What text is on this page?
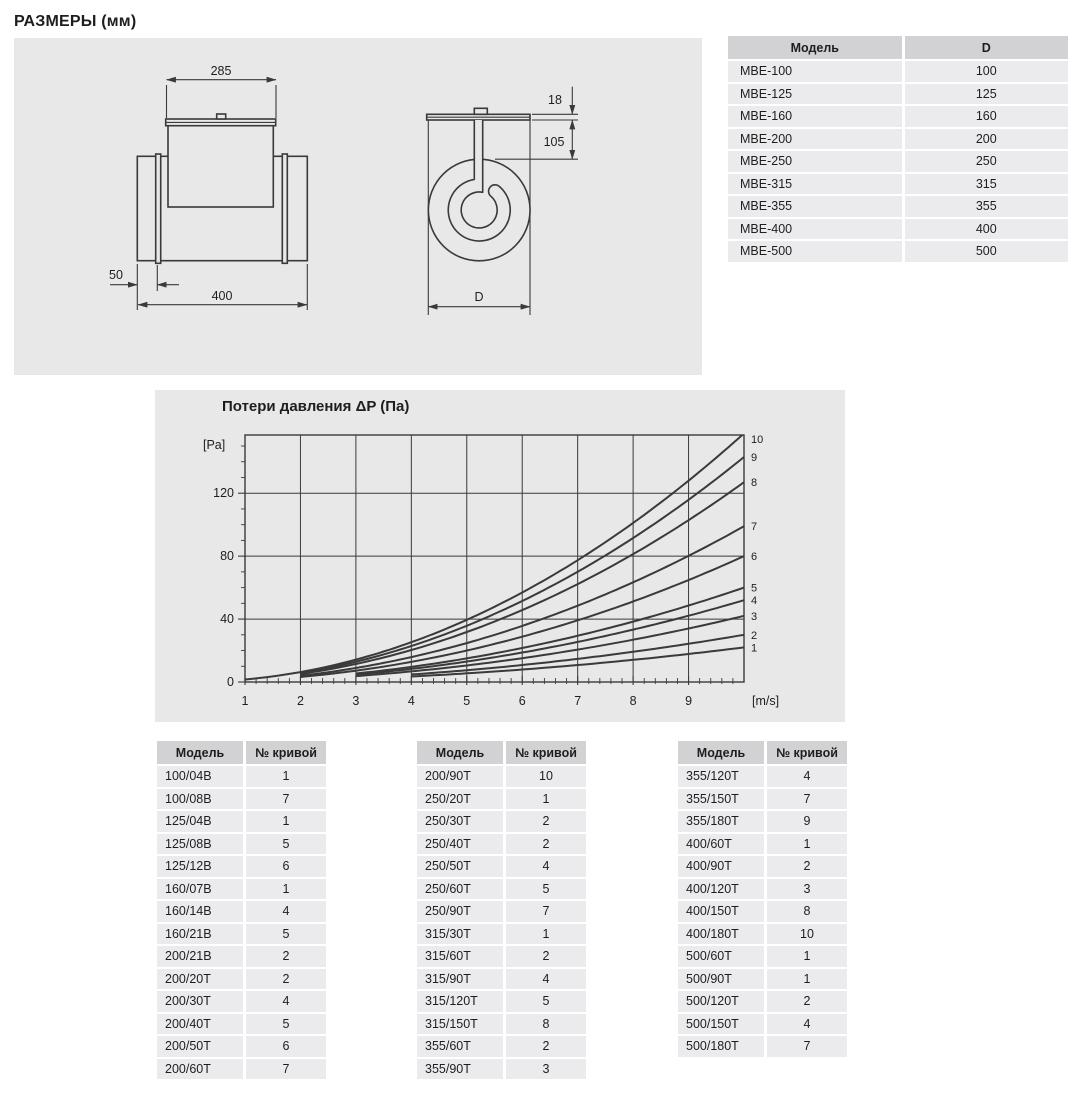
РАЗМЕРЫ (мм)
285
50
400
18
105
D
Модель	D
MBE-100	100
MBE-125	125
MBE-160	160
MBE-200	200
MBE-250	250
MBE-315	315
MBE-355	355
MBE-400	400
MBE-500	500
Потери давления ΔP (Па)
1	2	3	4	5	6	7	8	9
0
40
80
120
[Pa]
[m/s]
1
2
3
4
5
6
7
8
9
10
Модель	№ кривой
100/04B	1
100/08B	7
125/04B	1
125/08B	5
125/12B	6
160/07B	1
160/14B	4
160/21B	5
200/21B	2
200/20T	2
200/30T	4
200/40T	5
200/50T	6
200/60T	7
Модель	№ кривой
200/90T	10
250/20T	1
250/30T	2
250/40T	2
250/50T	4
250/60T	5
250/90T	7
315/30T	1
315/60T	2
315/90T	4
315/120T	5
315/150T	8
355/60T	2
355/90T	3
Модель	№ кривой
355/120T	4
355/150T	7
355/180T	9
400/60T	1
400/90T	2
400/120T	3
400/150T	8
400/180T	10
500/60T	1
500/90T	1
500/120T	2
500/150T	4
500/180T	7
